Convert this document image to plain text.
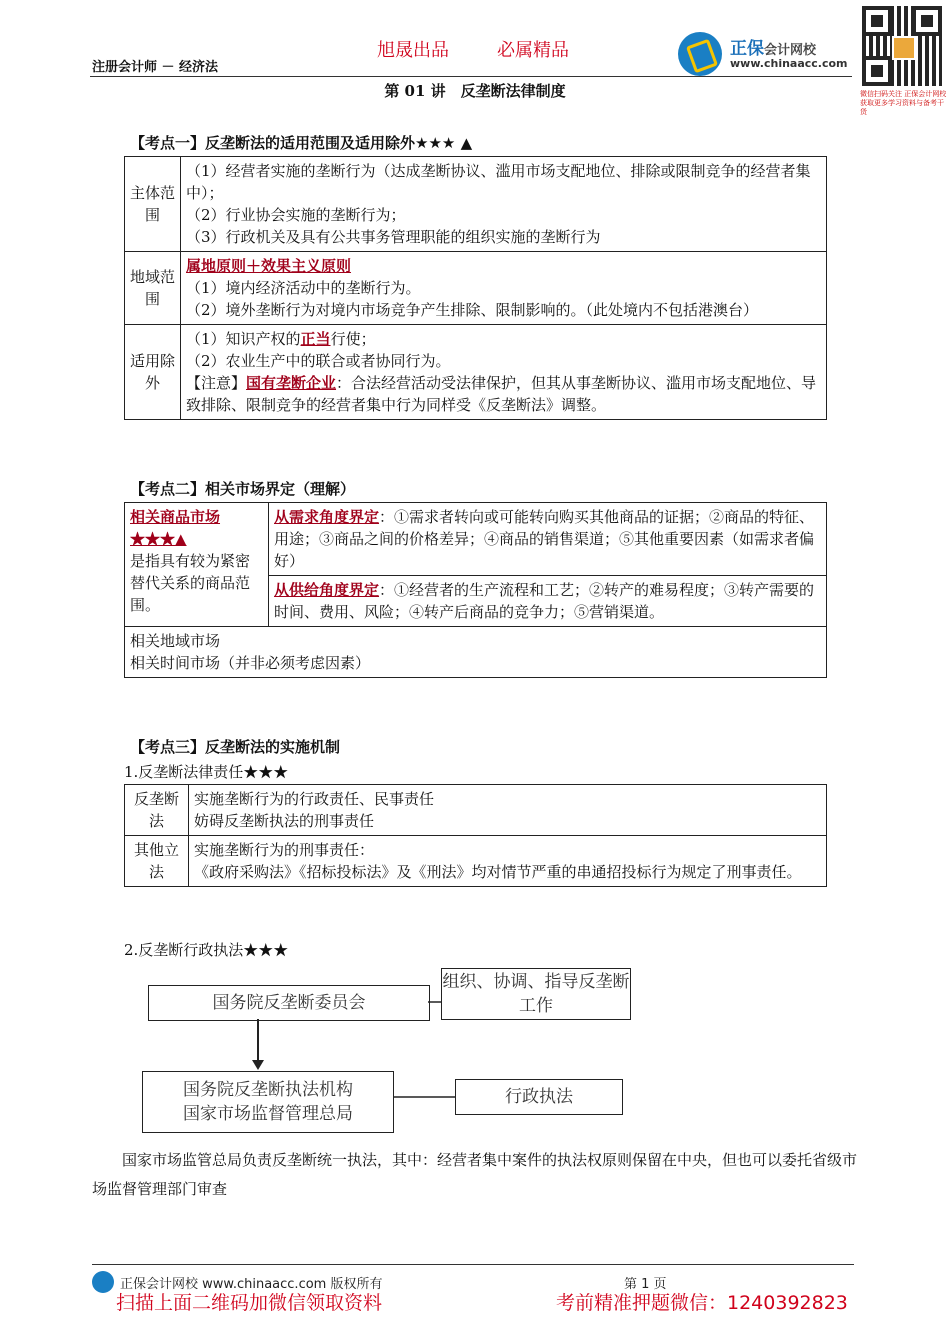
注册会计师 － 经济法
旭晟出品	必属精品	正保会计网校
www.chinaacc.com
微信扫码关注 正保会计网校 获取更多学习资料与备考干货
第 01 讲　反垄断法律制度
【考点一】反垄断法的适用范围及适用除外★★★ ▲
主体范围	（1）经营者实施的垄断行为（达成垄断协议、滥用市场支配地位、排除或限制竞争的经营者集中）；
（2）行业协会实施的垄断行为；
（3）行政机关及具有公共事务管理职能的组织实施的垄断行为

地域范围	属地原则＋效果主义原则
（1）境内经济活动中的垄断行为。
（2）境外垄断行为对境内市场竞争产生排除、限制影响的。（此处境内不包括港澳台）

适用除外	（1）知识产权的正当行使；
（2）农业生产中的联合或者协同行为。
【注意】国有垄断企业：合法经营活动受法律保护，但其从事垄断协议、滥用市场支配地位、导致排除、限制竞争的经营者集中行为同样受《反垄断法》调整。
【考点二】相关市场界定（理解）
相关商品市场★★★▲
是指具有较为紧密替代关系的商品范围。
	从需求角度界定：①需求者转向或可能转向购买其他商品的证据；②商品的特征、用途；③商品之间的价格差异；④商品的销售渠道；⑤其他重要因素（如需求者偏好）
从供给角度界定：①经营者的生产流程和工艺；②转产的难易程度；③转产需要的时间、费用、风险；④转产后商品的竞争力；⑤营销渠道。

相关地域市场
相关时间市场（并非必须考虑因素）
【考点三】反垄断法的实施机制
1.反垄断法律责任★★★
反垄断法	实施垄断行为的行政责任、民事责任
妨碍反垄断执法的刑事责任

其他立法	实施垄断行为的刑事责任：
《政府采购法》《招标投标法》及《刑法》均对情节严重的串通招投标行为规定了刑事责任。
2.反垄断行政执法★★★
国务院反垄断委员会
组织、协调、指导反垄断工作
国务院反垄断执法机构
国家市场监督管理总局
行政执法
国家市场监管总局负责反垄断统一执法，其中：经营者集中案件的执法权原则保留在中央，但也可以委托省级市场监督管理部门审查
正保会计网校 www.chinaacc.com 版权所有	第 1 页
扫描上面二维码加微信领取资料	考前精准押题微信：1240392823
